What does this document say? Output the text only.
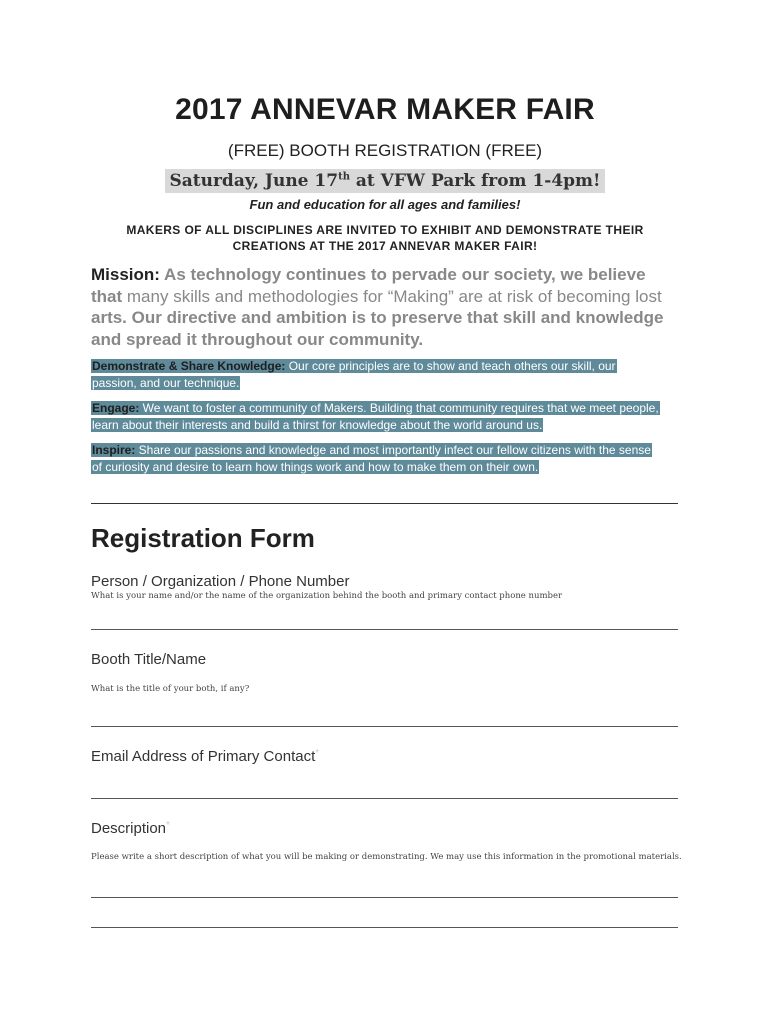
2017 ANNEVAR MAKER FAIR
(FREE) BOOTH REGISTRATION (FREE)
Saturday, June 17th at VFW Park from 1-4pm!
Fun and education for all ages and families!
MAKERS OF ALL DISCIPLINES ARE INVITED TO EXHIBIT AND DEMONSTRATE THEIR CREATIONS AT THE 2017 ANNEVAR MAKER FAIR!
Mission: As technology continues to pervade our society, we believe that many skills and methodologies for “Making” are at risk of becoming lost arts. Our directive and ambition is to preserve that skill and knowledge and spread it throughout our community.
Demonstrate & Share Knowledge: Our core principles are to show and teach others our skill, our passion, and our technique.
Engage: We want to foster a community of Makers. Building that community requires that we meet people, learn about their interests and build a thirst for knowledge about the world around us.
Inspire: Share our passions and knowledge and most importantly infect our fellow citizens with the sense of curiosity and desire to learn how things work and how to make them on their own.
Registration Form
Person / Organization / Phone Number
What is your name and/or the name of the organization behind the booth and primary contact phone number
Booth Title/Name
What is the title of your both, if any?
Email Address of Primary Contact*
Description*
Please write a short description of what you will be making or demonstrating. We may use this information in the promotional materials.
